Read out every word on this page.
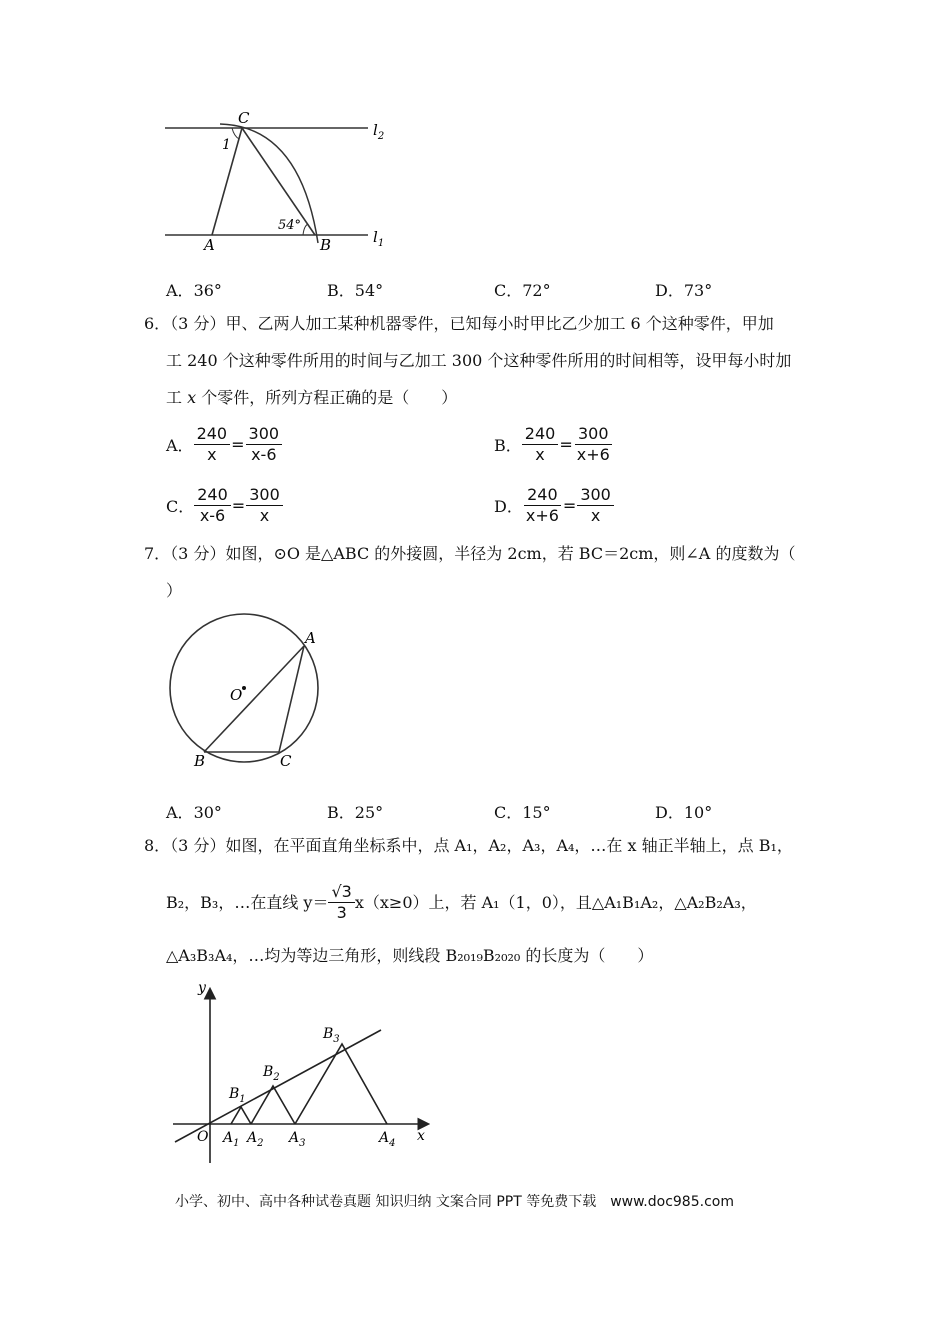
C
$l_2$
1
54°
A	B	$l_1$
A．36°	B．54°	C．72°	D．73°
6．（3 分）甲、乙两人加工某种机器零件，已知每小时甲比乙少加工 6 个这种零件，甲加
工 240 个这种零件所用的时间与乙加工 300 个这种零件所用的时间相等，设甲每小时加
工 x 个零件，所列方程正确的是（　　）
A． $\frac{240}{x} = \frac{300}{x-6}$	B． $\frac{240}{x} = \frac{300}{x+6}$
C． $\frac{240}{x-6} = \frac{300}{x}$	D． $\frac{240}{x+6} = \frac{300}{x}$
7．（3 分）如图，⊙O 是△ABC 的外接圆，半径为 2cm，若 BC＝2cm，则∠A 的度数为（
）
A
O
B	C
A．30°	B．25°	C．15°	D．10°
8．（3 分）如图，在平面直角坐标系中，点 A₁，A₂，A₃，A₄，…在 x 轴正半轴上，点 B₁，
B₂，B₃，…在直线 $y= \frac{√3}{3} x(x\ge 0)$上，若 A₁（1，0），且△A₁B₁A₂，△A₂B₂A₃，
△A₃B₃A₄，…均为等边三角形，则线段 B₂₀₁₉B₂₀₂₀ 的长度为（　　）
y
x
O
$B_1$
$B_2$
$B_3$
$A_1$ $A_2$ $A_3$	$A_4$
小学、初中、高中各种试卷真题 知识归纳 文案合同 PPT 等免费下载　www.doc985.com
